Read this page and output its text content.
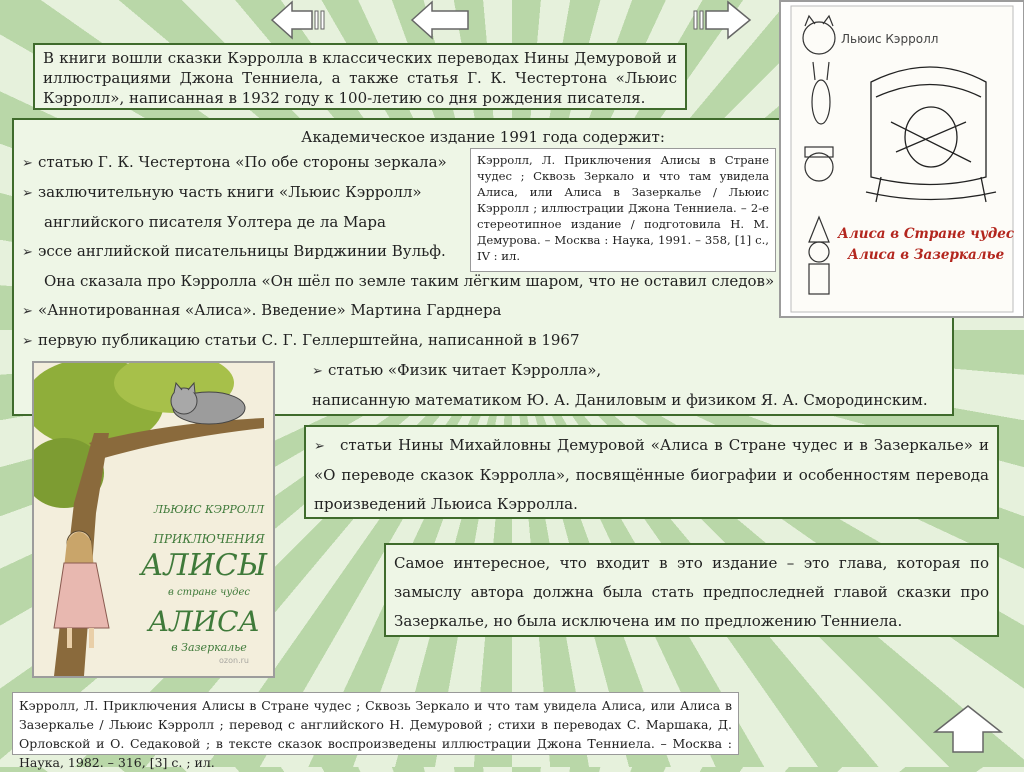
В книги вошли сказки Кэрролла в классических переводах Нины Демуровой и иллюстрациями Джона Тенниела, а также статья Г. К. Честертона «Льюис Кэрролл», написанная в 1932 году к 100-летию со дня рождения писателя.
Академическое издание 1991 года содержит:
➢ статью Г. К. Честертона «По обе стороны зеркала»
➢ заключительную часть книги «Льюис Кэрролл»
английского писателя Уолтера де ла Мара
➢ эссе английской писательницы Вирджинии Вульф.
Она сказала про Кэрролла «Он шёл по земле таким лёгким шаром, что не оставил следов»
➢ «Аннотированная «Алиса». Введение» Мартина Гарднера
➢ первую публикацию статьи С. Г. Геллерштейна, написанной в 1967
➢ статью «Физик читает Кэрролла»,
написанную математиком Ю. А. Даниловым и физиком Я. А. Смородинским.
Кэрролл, Л. Приключения Алисы в Стране чудес ; Сквозь Зеркало и что там увидела Алиса, или Алиса в Зазеркалье / Льюис Кэрролл ; иллюстрации Джона Тенниела. – 2-е стереотипное издание / подготовила Н. М. Демурова. – Москва : Наука, 1991. – 358, [1] с., IV : ил.
Льюис Кэрролл
Алиса в Стране чудес
Алиса в Зазеркалье
ЛЬЮИС КЭРРОЛЛ
ПРИКЛЮЧЕНИЯ
АЛИСЫ
в стране чудес
АЛИСА
в Зазеркалье
ozon.ru
➢ статьи Нины Михайловны Демуровой «Алиса в Стране чудес и в Зазеркалье» и «О переводе сказок Кэрролла», посвящённые биографии и особенностям перевода произведений Льюиса Кэрролла.
Самое интересное, что входит в это издание – это глава, которая по замыслу автора должна была стать предпоследней главой сказки про Зазеркалье, но была исключена им по предложению Тенниела.
Кэрролл, Л. Приключения Алисы в Стране чудес ; Сквозь Зеркало и что там увидела Алиса, или Алиса в Зазеркалье / Льюис Кэрролл ; перевод с английского Н. Демуровой ; стихи в переводах С. Маршака, Д. Орловской и О. Седаковой ; в тексте сказок воспроизведены иллюстрации Джона Тенниела. – Москва : Наука, 1982. – 316, [3] с. ; ил.
